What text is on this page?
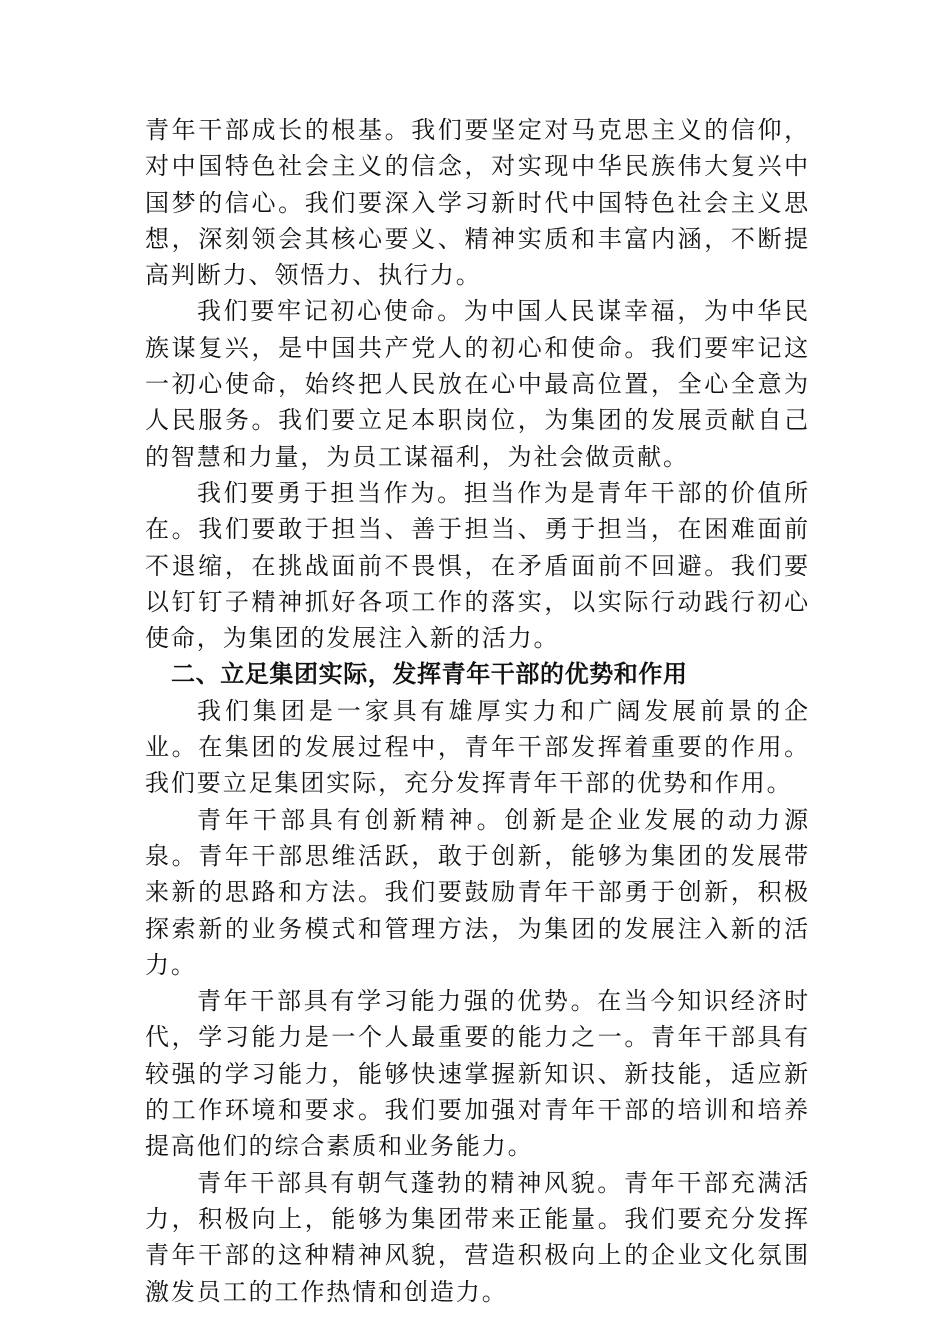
青年干部成长的根基。我们要坚定对马克思主义的信仰，对中国特色社会主义的信念，对实现中华民族伟大复兴中国梦的信心。我们要深入学习新时代中国特色社会主义思想，深刻领会其核心要义、精神实质和丰富内涵，不断提高判断力、领悟力、执行力。

我们要牢记初心使命。为中国人民谋幸福，为中华民族谋复兴，是中国共产党人的初心和使命。我们要牢记这一初心使命，始终把人民放在心中最高位置，全心全意为人民服务。我们要立足本职岗位，为集团的发展贡献自己的智慧和力量，为员工谋福利，为社会做贡献。

我们要勇于担当作为。担当作为是青年干部的价值所在。我们要敢于担当、善于担当、勇于担当，在困难面前不退缩，在挑战面前不畏惧，在矛盾面前不回避。我们要以钉钉子精神抓好各项工作的落实，以实际行动践行初心使命，为集团的发展注入新的活力。

二、立足集团实际，发挥青年干部的优势和作用

我们集团是一家具有雄厚实力和广阔发展前景的企业。在集团的发展过程中，青年干部发挥着重要的作用。我们要立足集团实际，充分发挥青年干部的优势和作用。

青年干部具有创新精神。创新是企业发展的动力源泉。青年干部思维活跃，敢于创新，能够为集团的发展带来新的思路和方法。我们要鼓励青年干部勇于创新，积极探索新的业务模式和管理方法，为集团的发展注入新的活力。

青年干部具有学习能力强的优势。在当今知识经济时代，学习能力是一个人最重要的能力之一。青年干部具有较强的学习能力，能够快速掌握新知识、新技能，适应新的工作环境和要求。我们要加强对青年干部的培训和培养提高他们的综合素质和业务能力。

青年干部具有朝气蓬勃的精神风貌。青年干部充满活力，积极向上，能够为集团带来正能量。我们要充分发挥青年干部的这种精神风貌，营造积极向上的企业文化氛围激发员工的工作热情和创造力。
